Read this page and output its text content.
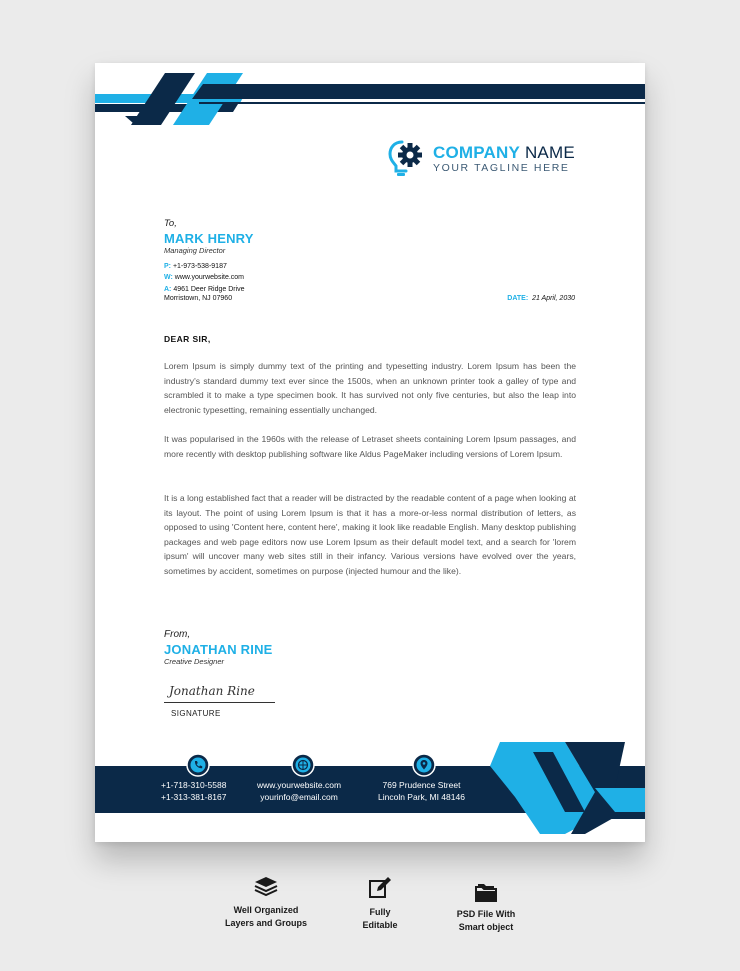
COMPANY NAME
YOUR TAGLINE HERE
To,
MARK HENRY
Managing Director
P: +1-973-538-9187
W: www.yourwebsite.com
A: 4961 Deer Ridge Drive
Morristown, NJ 07960	DATE: 21 April, 2030
DEAR SIR,
Lorem Ipsum is simply dummy text of the printing and typesetting industry. Lorem Ipsum has been the industry's standard dummy text ever since the 1500s, when an unknown printer took a galley of type and scrambled it to make a type specimen book. It has survived not only five centuries, but also the leap into electronic typesetting, remaining essentially unchanged.
It was popularised in the 1960s with the release of Letraset sheets containing Lorem Ipsum passages, and more recently with desktop publishing software like Aldus PageMaker including versions of Lorem Ipsum.
It is a long established fact that a reader will be distracted by the readable content of a page when looking at its layout. The point of using Lorem Ipsum is that it has a more-or-less normal distribution of letters, as opposed to using 'Content here, content here', making it look like readable English. Many desktop publishing packages and web page editors now use Lorem Ipsum as their default model text, and a search for 'lorem ipsum' will uncover many web sites still in their infancy. Various versions have evolved over the years, sometimes by accident, sometimes on purpose (injected humour and the like).
From,
JONATHAN RINE
Creative Designer
Jonathan Rine
SIGNATURE
+1-718-310-5588
+1-313-381-8167
www.yourwebsite.com
yourinfo@email.com
769 Prudence Street
Lincoln Park, MI 48146
Well Organized
Layers and Groups
Fully
Editable
PSD File With
Smart object
